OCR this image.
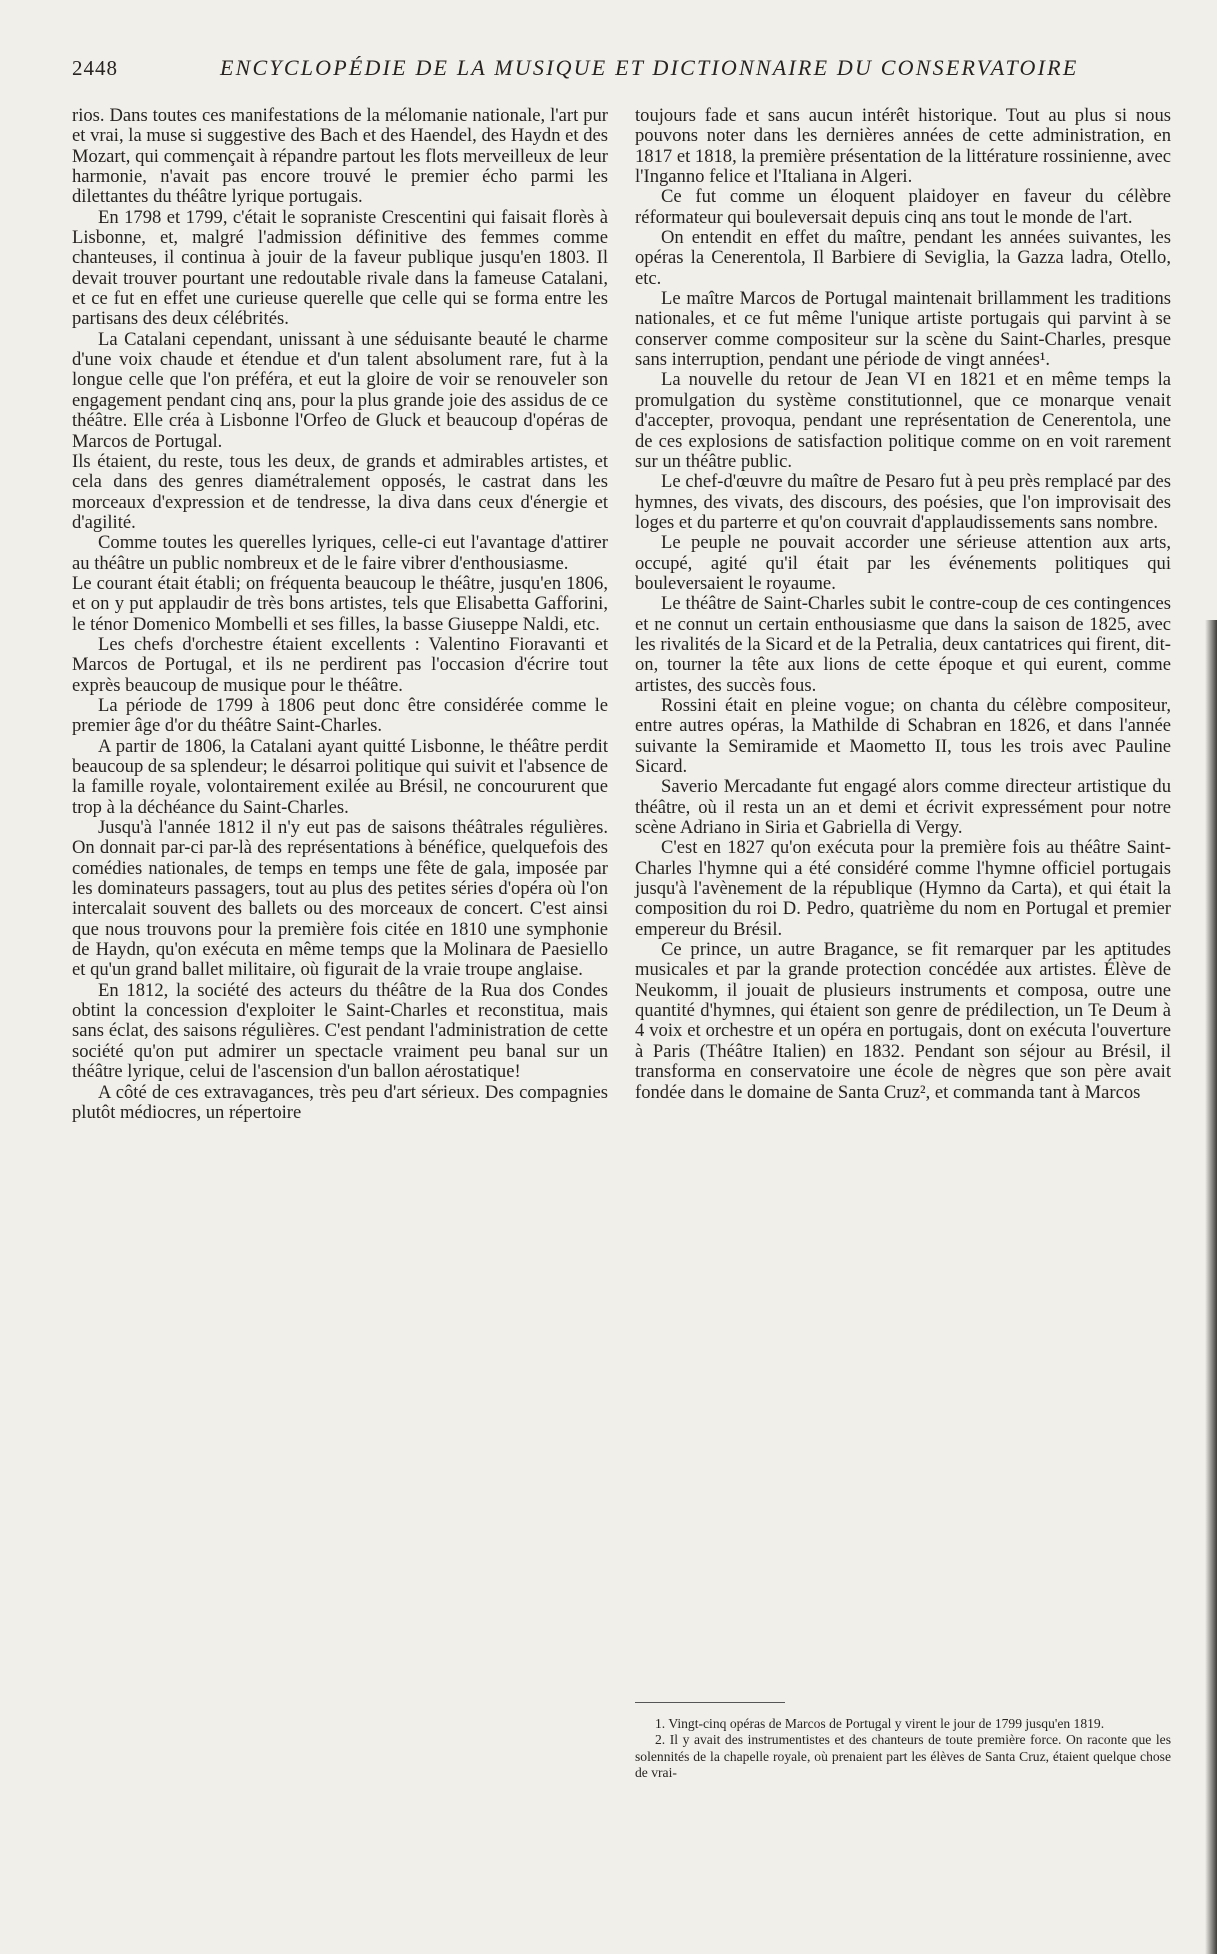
2448	ENCYCLOPÉDIE DE LA MUSIQUE ET DICTIONNAIRE DU CONSERVATOIRE

rios. Dans toutes ces manifestations de la mélomanie nationale, l'art pur et vrai, la muse si suggestive des Bach et des Haendel, des Haydn et des Mozart, qui commençait à répandre partout les flots merveilleux de leur harmonie, n'avait pas encore trouvé le premier écho parmi les dilettantes du théâtre lyrique portugais.

En 1798 et 1799, c'était le sopraniste Crescentini qui faisait florès à Lisbonne, et, malgré l'admission définitive des femmes comme chanteuses, il continua à jouir de la faveur publique jusqu'en 1803. Il devait trouver pourtant une redoutable rivale dans la fameuse Catalani, et ce fut en effet une curieuse querelle que celle qui se forma entre les partisans des deux célébrités.

La Catalani cependant, unissant à une séduisante beauté le charme d'une voix chaude et étendue et d'un talent absolument rare, fut à la longue celle que l'on préféra, et eut la gloire de voir se renouveler son engagement pendant cinq ans, pour la plus grande joie des assidus de ce théâtre. Elle créa à Lisbonne l'Orfeo de Gluck et beaucoup d'opéras de Marcos de Portugal.

Ils étaient, du reste, tous les deux, de grands et admirables artistes, et cela dans des genres diamétralement opposés, le castrat dans les morceaux d'expression et de tendresse, la diva dans ceux d'énergie et d'agilité.

Comme toutes les querelles lyriques, celle-ci eut l'avantage d'attirer au théâtre un public nombreux et de le faire vibrer d'enthousiasme.

Le courant était établi; on fréquenta beaucoup le théâtre, jusqu'en 1806, et on y put applaudir de très bons artistes, tels que Elisabetta Gafforini, le ténor Domenico Mombelli et ses filles, la basse Giuseppe Naldi, etc.

Les chefs d'orchestre étaient excellents : Valentino Fioravanti et Marcos de Portugal, et ils ne perdirent pas l'occasion d'écrire tout exprès beaucoup de musique pour le théâtre.

La période de 1799 à 1806 peut donc être considérée comme le premier âge d'or du théâtre Saint-Charles.

A partir de 1806, la Catalani ayant quitté Lisbonne, le théâtre perdit beaucoup de sa splendeur; le désarroi politique qui suivit et l'absence de la famille royale, volontairement exilée au Brésil, ne concoururent que trop à la déchéance du Saint-Charles.

Jusqu'à l'année 1812 il n'y eut pas de saisons théâtrales régulières. On donnait par-ci par-là des représentations à bénéfice, quelquefois des comédies nationales, de temps en temps une fête de gala, imposée par les dominateurs passagers, tout au plus des petites séries d'opéra où l'on intercalait souvent des ballets ou des morceaux de concert. C'est ainsi que nous trouvons pour la première fois citée en 1810 une symphonie de Haydn, qu'on exécuta en même temps que la Molinara de Paesiello et qu'un grand ballet militaire, où figurait de la vraie troupe anglaise.

En 1812, la société des acteurs du théâtre de la Rua dos Condes obtint la concession d'exploiter le Saint-Charles et reconstitua, mais sans éclat, des saisons régulières. C'est pendant l'administration de cette société qu'on put admirer un spectacle vraiment peu banal sur un théâtre lyrique, celui de l'ascension d'un ballon aérostatique!

A côté de ces extravagances, très peu d'art sérieux. Des compagnies plutôt médiocres, un répertoire

toujours fade et sans aucun intérêt historique. Tout au plus si nous pouvons noter dans les dernières années de cette administration, en 1817 et 1818, la première présentation de la littérature rossinienne, avec l'Inganno felice et l'Italiana in Algeri.

Ce fut comme un éloquent plaidoyer en faveur du célèbre réformateur qui bouleversait depuis cinq ans tout le monde de l'art.

On entendit en effet du maître, pendant les années suivantes, les opéras la Cenerentola, Il Barbiere di Seviglia, la Gazza ladra, Otello, etc.

Le maître Marcos de Portugal maintenait brillamment les traditions nationales, et ce fut même l'unique artiste portugais qui parvint à se conserver comme compositeur sur la scène du Saint-Charles, presque sans interruption, pendant une période de vingt années¹.

La nouvelle du retour de Jean VI en 1821 et en même temps la promulgation du système constitutionnel, que ce monarque venait d'accepter, provoqua, pendant une représentation de Cenerentola, une de ces explosions de satisfaction politique comme on en voit rarement sur un théâtre public.

Le chef-d'œuvre du maître de Pesaro fut à peu près remplacé par des hymnes, des vivats, des discours, des poésies, que l'on improvisait des loges et du parterre et qu'on couvrait d'applaudissements sans nombre.

Le peuple ne pouvait accorder une sérieuse attention aux arts, occupé, agité qu'il était par les événements politiques qui bouleversaient le royaume.

Le théâtre de Saint-Charles subit le contre-coup de ces contingences et ne connut un certain enthousiasme que dans la saison de 1825, avec les rivalités de la Sicard et de la Petralia, deux cantatrices qui firent, dit-on, tourner la tête aux lions de cette époque et qui eurent, comme artistes, des succès fous.

Rossini était en pleine vogue; on chanta du célèbre compositeur, entre autres opéras, la Mathilde di Schabran en 1826, et dans l'année suivante la Semiramide et Maometto II, tous les trois avec Pauline Sicard.

Saverio Mercadante fut engagé alors comme directeur artistique du théâtre, où il resta un an et demi et écrivit expressément pour notre scène Adriano in Siria et Gabriella di Vergy.

C'est en 1827 qu'on exécuta pour la première fois au théâtre Saint-Charles l'hymne qui a été considéré comme l'hymne officiel portugais jusqu'à l'avènement de la république (Hymno da Carta), et qui était la composition du roi D. Pedro, quatrième du nom en Portugal et premier empereur du Brésil.

Ce prince, un autre Bragance, se fit remarquer par les aptitudes musicales et par la grande protection concédée aux artistes. Élève de Neukomm, il jouait de plusieurs instruments et composa, outre une quantité d'hymnes, qui étaient son genre de prédilection, un Te Deum à 4 voix et orchestre et un opéra en portugais, dont on exécuta l'ouverture à Paris (Théâtre Italien) en 1832. Pendant son séjour au Brésil, il transforma en conservatoire une école de nègres que son père avait fondée dans le domaine de Santa Cruz², et commanda tant à Marcos

1. Vingt-cinq opéras de Marcos de Portugal y virent le jour de 1799 jusqu'en 1819.

2. Il y avait des instrumentistes et des chanteurs de toute première force. On raconte que les solennités de la chapelle royale, où prenaient part les élèves de Santa Cruz, étaient quelque chose de vrai-
